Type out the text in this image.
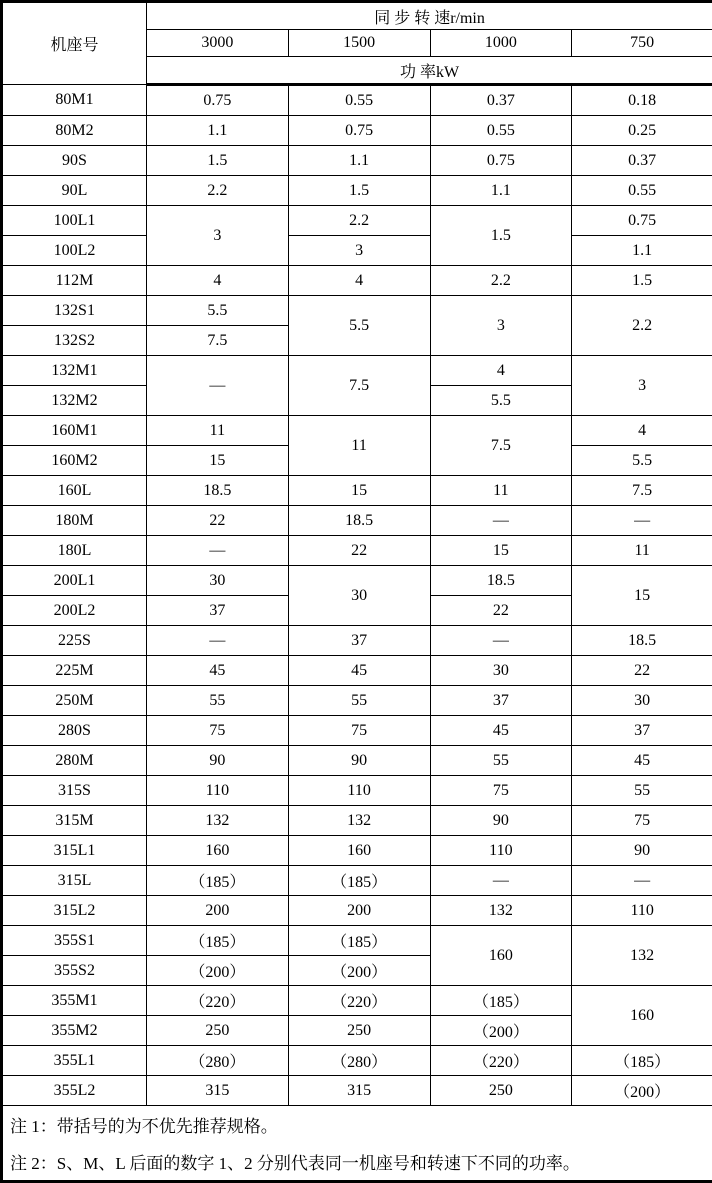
机座号	同 步 转 速r/min			
	3000	1500	1000	750
	功 率kW			
80M1	0.75	0.55	0.37	0.18
80M2	1.1	0.75	0.55	0.25
90S	1.5	1.1	0.75	0.37
90L	2.2	1.5	1.1	0.55
100L1	3	2.2	1.5	0.75
100L2		3		1.1
112M	4	4	2.2	1.5
132S1	5.5	5.5	3	2.2
132S2	7.5			
132M1	—	7.5	4	3
132M2			5.5	
160M1	11	11	7.5	4
160M2	15			5.5
160L	18.5	15	11	7.5
180M	22	18.5	—	—
180L	—	22	15	11
200L1	30	30	18.5	15
200L2	37		22	
225S	—	37	—	18.5
225M	45	45	30	22
250M	55	55	37	30
280S	75	75	45	37
280M	90	90	55	45
315S	110	110	75	55
315M	132	132	90	75
315L1	160	160	110	90
315L	（185）	（185）	—	—
315L2	200	200	132	110
355S1	（185）	（185）	160	132
355S2	（200）	（200）		
355M1	（220）	（220）	（185）	160
355M2	250	250	（200）	
355L1	（280）	（280）	（220）	（185）
355L2	315	315	250	（200）
注 1：带括号的为不优先推荐规格。				
注 2：S、M、L 后面的数字 1、2 分别代表同一机座号和转速下不同的功率。				
